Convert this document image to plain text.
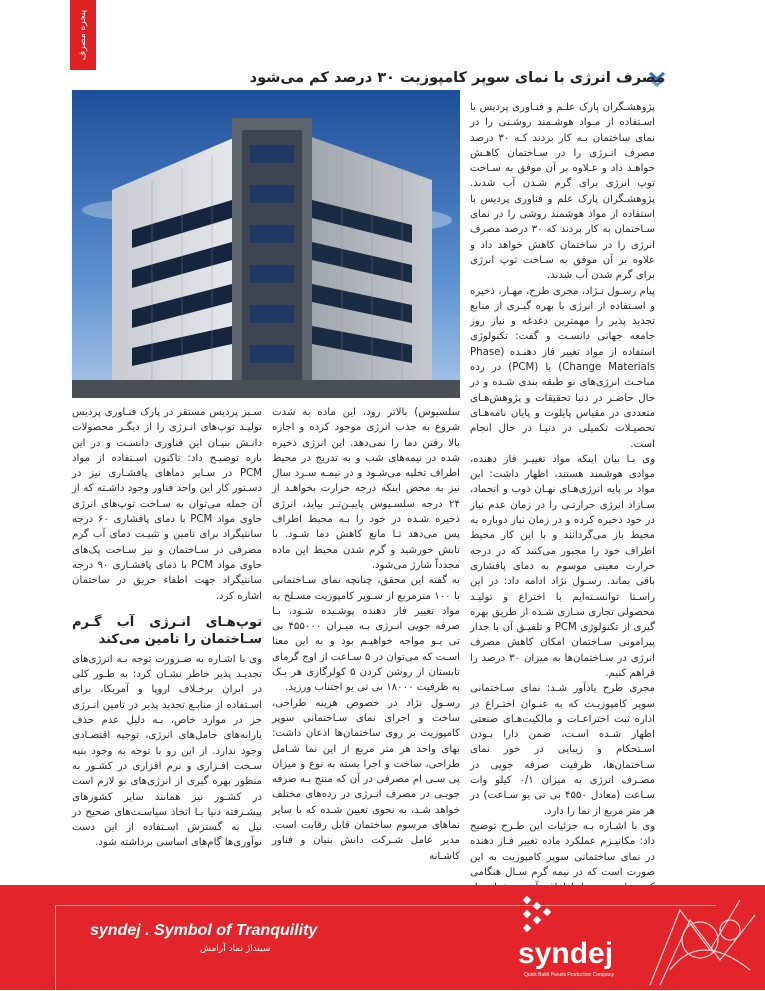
پنجره مصرف
مصرف انرژی با نمای سوپر کامپوزیت ۳۰ درصد کم می‌شود

پژوهشـگران پارک علـم و فنـاوری پردیس با اسـتفاده از مـواد هوشـمند روشـنی را در نمای ساختمان بـه کار بردند کـه ۳۰ درصد مصرف انـرژی را در سـاختمان کاهـش خواهـد داد و عـلاوه بر آن موفق به سـاخت توپ انرژی برای گرم شـدن آب شدند. پژوهشـگران پارک علم و فناوری پردیس با استفاده از مواد هوشمند روشی را در نمای سـاختمان به کار بردند که ۳۰ درصد مصرف انرژی را در ساختمان کاهش خواهد داد و علاوه بر آن موفق به سـاخت توپ انرژی برای گرم شدن آب شدند.

پیام رسـول نـژاد، مجری طرح، مهـار، ذخیره و اسـتفاده از انرژی با بهره گیـری از منابع تجدید پذیر را مهمترین دغدغه و نیاز روز جامعه جهانی دانسـت و گفت: تکنولوژی استفاده از مواد تغییر فاز دهنـده (Phase Change Materials) یا (PCM) در رده مباحـث انرژی‌های نو طبقه بندی شـده و در حال حاضـر در دنیا تحقیقات و پژوهش‌هـای متعددی در مقیاس پایلوت و پایان نامه‌هـای تحصیـلات تکمیلی در دنیـا در حال انجام است.

وی بـا بیان اینکه مواد تغییـر فاز دهنده، موادی هوشمند هستند، اظهار داشت: این مواد بر پایه انرژی‌هـای نهـان ذوب و انجماد، سـازاد انرژی حرارتـی را در زمان عدم نیاز در خود ذخیره کرده و در زمان نیاز دوباره به محیط باز می‌گردانند و با این کار محیط اطراف خود را مجبور می‌کنند که در درجه حرارت معینی موسوم به دمای پافشاری باقی بماند. رسـول نژاد ادامه داد: در این راسـتا توانسـته‌ایم با اختراع و تولیـد محصولی تجاری سـازی شـده از طریق بهره گیری از تکنولوژی PCM و تلفیـق آن با جدار پیرامونی سـاختمان امکان کاهش مصرف انرژی در سـاختمان‌ها به میزان ۳۰ درصد را فراهم کنیم.

مجری طرح یادآور شـد: نمای سـاختمانی سوپر کامپوزیـت که به عنـوان اختـراع در اداره ثبت اختراعـات و مالکیت‌هـای صنعتی اظهار شـده اسـت، ضمن دارا بـودن اسـتحکام و زیبایی در خور نمای سـاختمان‌ها، ظرفیت صرفه جویی در مصـرف انرژی به میزان ۰/۱ کیلو وات سـاعت (معادل ۴۵۵۰ بی تی یو سـاعت) در هر متر مربع از نما را دارد.

وی با اشـاره بـه جزئیات این طـرح توضیح داد: مکانیـزم عملکرد ماده تغییر فـاز دهنده در نمای ساختمانی سوپر کامپوزیت به این صورت است که در نیمه گرم سـال هنگامی

سلسیوس) بالاتر رود، این ماده به شدت شروع به جذب انرژی موجود کرده و اجازه بالا رفتن دما را نمی‌دهد. این انرژی ذخیره شده در نیمه‌های شب و به تدریج در محیط اطراف تخلیه می‌شـود و در نیمـه سـرد سال نیز به محض اینکه درجه حرارت بخواهـد از ۲۴ درجه سلسـیوس پاییـن‌تـر بیاید، انرژی ذخیره شـده در خود را بـه محیط اطراف پس می‌دهد تـا مانع کاهش دما شـود. با تابش خورشید و گرم شدن محیط این ماده مجدداً شارژ می‌شود.

به گفته این محقق، چنانچه نمای سـاختمانی با ۱۰۰ مترمربع از سـوپر کامپوزیت مسـلح به مواد تغییر فاز دهنده پوشـیده شـود، بـا صرفه جویی انـرژی بـه میـزان ۴۵۵۰۰۰ بی تی یـو مواجه خواهیـم بود و به این معنا اسـت که می‌توان در ۵ سـاعت از اوج گرمای تابستان از روشن کردن ۵ کولرگازی هر یـک به ظرفیت ۱۸۰۰۰ بی تی یو اجتناب ورزید.

رسـول نژاد در خصوص هزینه طراحی، ساخت و اجرای نمای سـاختمانی سوپر کامپوزیت بر روی ساختمان‌ها اذعان داشت: بهای واحد هر متر مربع از این نما شـامل طراحی، ساخت و اجرا بسته به نوع و میزان پی سـی ام مصرفی در آن که منتج بـه صرفه جویـی در مصرف انـرژی در رده‌های مختلف خواهد شـد، به نحوی تعیین شـده که با سایر نماهای مرسوم ساختمان قابل رقابت است. مدیر عامل شـرکت دانش بنیان و فناور کاشـانه

سـبز پردیس مستقر در پارک فنـاوری پردیس تولیـد توپ‌های انـرژی را از دیگـر محصولات دانـش بنیـان این فناوری دانسـت و در این باره توضیـح داد: تاکنون اسـتفاده از مواد PCM در سـایر دماهای پافشـاری نیز در دسـتور کار این واحد فناور وجود داشـته که از آن جمله می‌توان به سـاخت توپ‌های انرژی حاوی مواد PCM با دمای پافشاری ۶۰ درجه سانتیگراد برای تامین و تثبیـت دمای آب گرم مصرفی در سـاختمان و نیز سـاخت پک‌های حاوی مواد PCM با دمای پافشـاری ۹۰ درجه سانتیگراد جهت اطفاء حریق در ساختمان اشاره کرد.

توپ‌هـای انـرژی آب گـرم سـاختمان را تامین می‌کند

وی با اشـاره به ضـرورت توجه بـه انرژی‌های تجدیـد پذیر خاطر نشـان کرد: به طـور کلی در ایران برخـلاف اروپا و آمریکا، برای اسـتفاده از منابـع تجدید پذیر در تامین انـرژی جز در موارد خاص، بـه دلیل عدم حذف یارانه‌های حامل‌های انرژی، توجیه اقتصـادی وجود ندارد. از این رو با توجه به وجود بنیه سـخت افـزاری و نرم افزاری در کشـور به منظور بهره گیری از انرژی‌های نو لازم است در کشـور نیز همانند سایر کشورهای پیشـرفته دنیا بـا اتخاذ سیاسـت‌های صحیح در نیل به گسترش اسـتفاده از این دست نوآوری‌ها گام‌های اساسی برداشته شود.

syndej . Symbol of Tranquility
سینداژ نماد آرامش	syndej
Quick Build Panels Production Company
